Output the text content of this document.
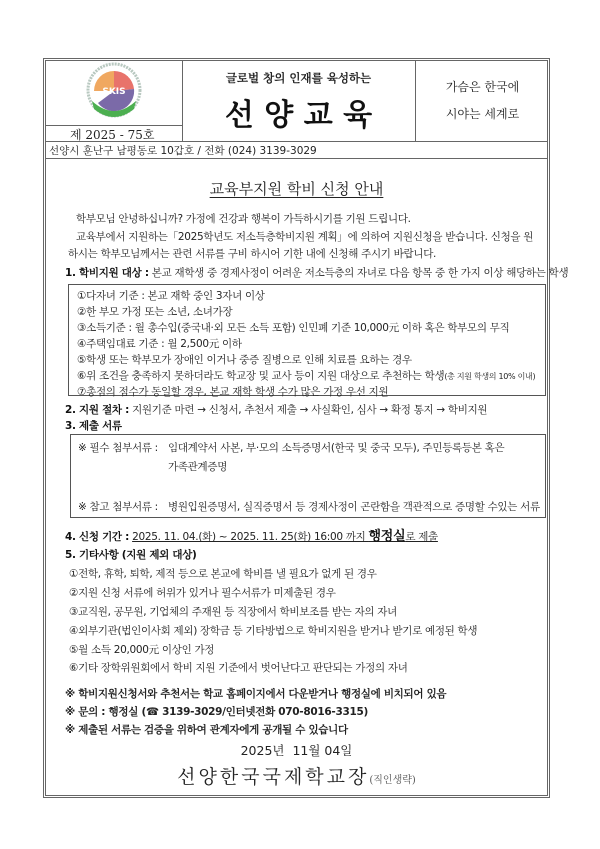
SKIS
제 2025 - 75호
글로벌 창의 인재를 육성하는
선 양 교 육
가슴은 한국에
시야는 세계로
선양시 훈난구 남평동로 10갑호 / 전화 (024) 3139-3029
교육부지원 학비 신청 안내
학부모님 안녕하십니까? 가정에 건강과 행복이 가득하시기를 기원 드립니다.
교육부에서 지원하는「2025학년도 저소득층학비지원 계획」에 의하여 지원신청을 받습니다. 신청을 원
하시는 학부모님께서는 관련 서류를 구비 하시어 기한 내에 신청해 주시기 바랍니다.
1. 학비지원 대상 : 본교 재학생 중 경제사정이 어려운 저소득층의 자녀로 다음 항목 중 한 가지 이상 해당하는 학생
①다자녀 기준 : 본교 재학 중인 3자녀 이상
②한 부모 가정 또는 소년, 소녀가장
③소득기준 : 월 총수입(중국내·외 모든 소득 포함) 인민폐 기준 10,000元 이하 혹은 학부모의 무직
④주택임대료 기준 : 월 2,500元 이하
⑤학생 또는 학부모가 장애인 이거나 중증 질병으로 인해 치료를 요하는 경우
⑥위 조건을 충족하지 못하더라도 학교장 및 교사 등이 지원 대상으로 추천하는 학생(총 지원 학생의 10% 이내)
⑦총점의 점수가 동일할 경우, 본교 재학 학생 수가 많은 가정 우선 지원
2. 지원 절차 : 지원기준 마련 → 신청서, 추천서 제출 → 사실확인, 심사 → 확정 통지 → 학비지원
3. 제출 서류
※ 필수 첨부서류 : 임대계약서 사본, 부·모의 소득증명서(한국 및 중국 모두), 주민등록등본 혹은
가족관계증명
※ 참고 첨부서류 : 병원입원증명서, 실직증명서 등 경제사정이 곤란함을 객관적으로 증명할 수있는 서류
4. 신청 기간 : 2025. 11. 04.(화) ~ 2025. 11. 25(화) 16:00 까지 행정실로 제출
5. 기타사항 (지원 제외 대상)
①전학, 휴학, 퇴학, 제적 등으로 본교에 학비를 낼 필요가 없게 된 경우
②지원 신청 서류에 허위가 있거나 필수서류가 미제출된 경우
③교직원, 공무원, 기업체의 주재원 등 직장에서 학비보조를 받는 자의 자녀
④외부기관(법인이사회 제외) 장학금 등 기타방법으로 학비지원을 받거나 받기로 예정된 학생
⑤월 소득 20,000元 이상인 가정
⑥기타 장학위원회에서 학비 지원 기준에서 벗어난다고 판단되는 가정의 자녀
※ 학비지원신청서와 추천서는 학교 홈페이지에서 다운받거나 행정실에 비치되어 있음
※ 문의 : 행정실 (☎ 3139-3029/인터넷전화 070-8016-3315)
※ 제출된 서류는 검증을 위하여 관계자에게 공개될 수 있습니다
2025년  11월 04일
선양한국국제학교장(직인생략)
